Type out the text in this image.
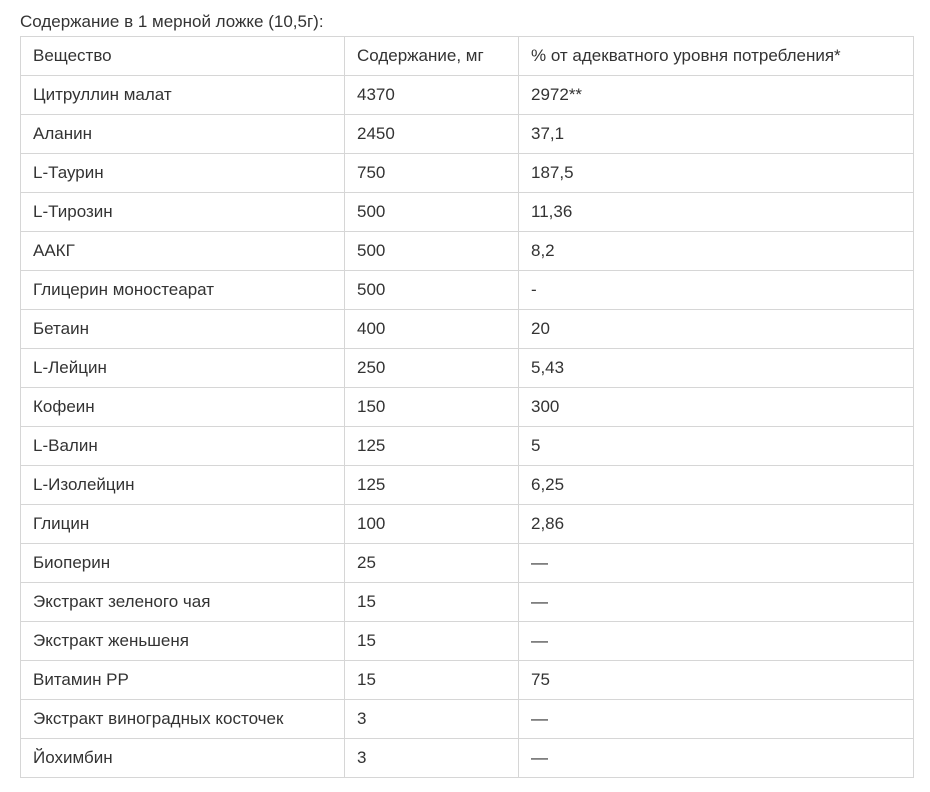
Содержание в 1 мерной ложке (10,5г):
Вещество	Содержание, мг	% от адекватного уровня потребления*
Цитруллин малат	4370	2972**
Аланин	2450	37,1
L-Таурин	750	187,5
L-Тирозин	500	11,36
ААКГ	500	8,2
Глицерин моностеарат	500	-
Бетаин	400	20
L-Лейцин	250	5,43
Кофеин	150	300
L-Валин	125	5
L-Изолейцин	125	6,25
Глицин	100	2,86
Биоперин	25	—
Экстракт зеленого чая	15	—
Экстракт женьшеня	15	—
Витамин PP	15	75
Экстракт виноградных косточек	3	—
Йохимбин	3	—
